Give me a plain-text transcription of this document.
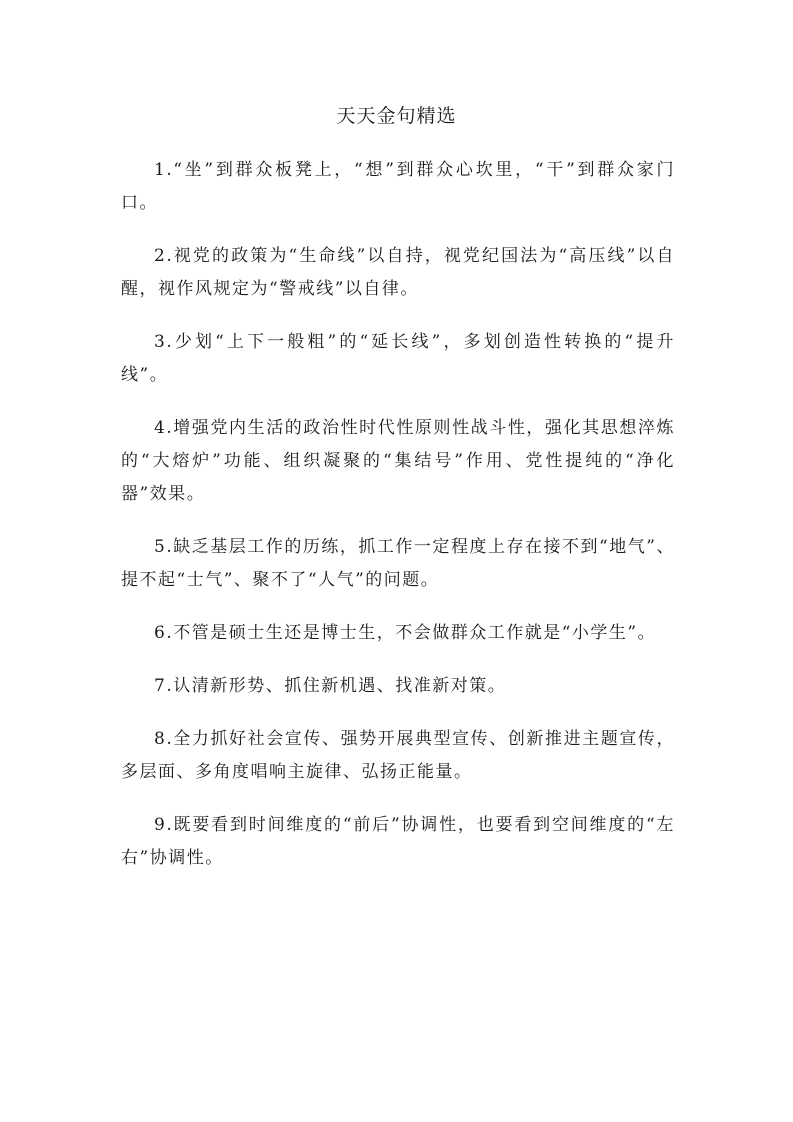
天天金句精选

1.“坐”到群众板凳上，“想”到群众心坎里，“干”到群众家门口。

2.视党的政策为“生命线”以自持，视党纪国法为“高压线”以自醒，视作风规定为“警戒线”以自律。

3.少划“上下一般粗”的“延长线”，多划创造性转换的“提升线”。

4.增强党内生活的政治性时代性原则性战斗性，强化其思想淬炼的“大熔炉”功能、组织凝聚的“集结号”作用、党性提纯的“净化器”效果。

5.缺乏基层工作的历练，抓工作一定程度上存在接不到“地气”、提不起“士气”、聚不了“人气”的问题。

6.不管是硕士生还是博士生，不会做群众工作就是“小学生”。

7.认清新形势、抓住新机遇、找准新对策。

8.全力抓好社会宣传、强势开展典型宣传、创新推进主题宣传，多层面、多角度唱响主旋律、弘扬正能量。

9.既要看到时间维度的“前后”协调性，也要看到空间维度的“左右”协调性。
